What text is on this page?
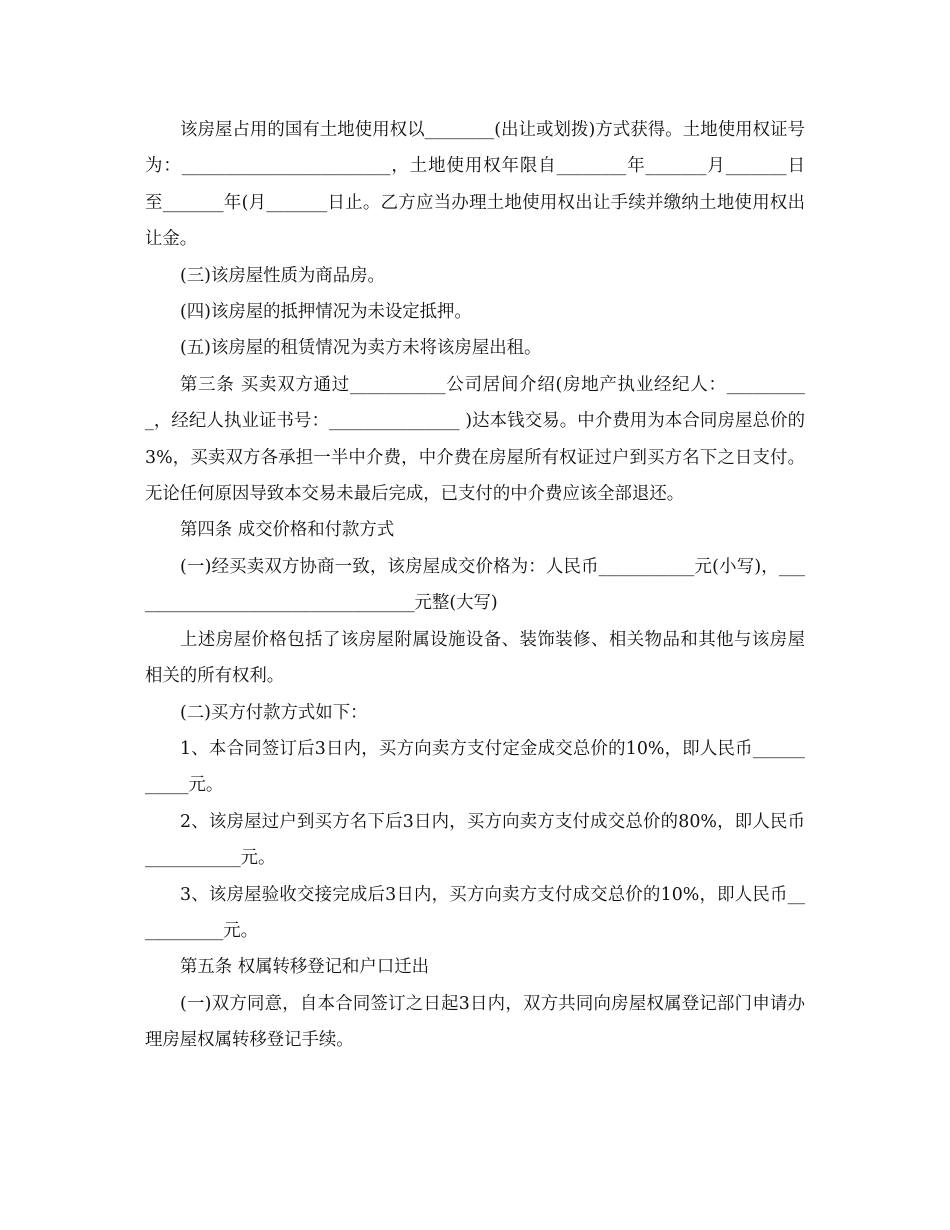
该房屋占用的国有土地使用权以________(出让或划拨)方式获得。土地使用权证号为：________________________，土地使用权年限自________年_______月_______日至_______年(月_______日止。乙方应当办理土地使用权出让手续并缴纳土地使用权出让金。

(三)该房屋性质为商品房。

(四)该房屋的抵押情况为未设定抵押。

(五)该房屋的租赁情况为卖方未将该房屋出租。

第三条 买卖双方通过___________公司居间介绍(房地产执业经纪人：__________，经纪人执业证书号：_______________ )达本钱交易。中介费用为本合同房屋总价的3%，买卖双方各承担一半中介费，中介费在房屋所有权证过户到买方名下之日支付。无论任何原因导致本交易未最后完成，已支付的中介费应该全部退还。

第四条 成交价格和付款方式

(一)经买卖双方协商一致，该房屋成交价格为：人民币___________元(小写)，__________________________________元整(大写)

上述房屋价格包括了该房屋附属设施设备、装饰装修、相关物品和其他与该房屋相关的所有权利。

(二)买方付款方式如下：

1、本合同签订后3日内，买方向卖方支付定金成交总价的10%，即人民币___________元。

2、该房屋过户到买方名下后3日内，买方向卖方支付成交总价的80%，即人民币___________元。

3、该房屋验收交接完成后3日内，买方向卖方支付成交总价的10%，即人民币___________元。

第五条 权属转移登记和户口迁出

(一)双方同意，自本合同签订之日起3日内，双方共同向房屋权属登记部门申请办理房屋权属转移登记手续。
